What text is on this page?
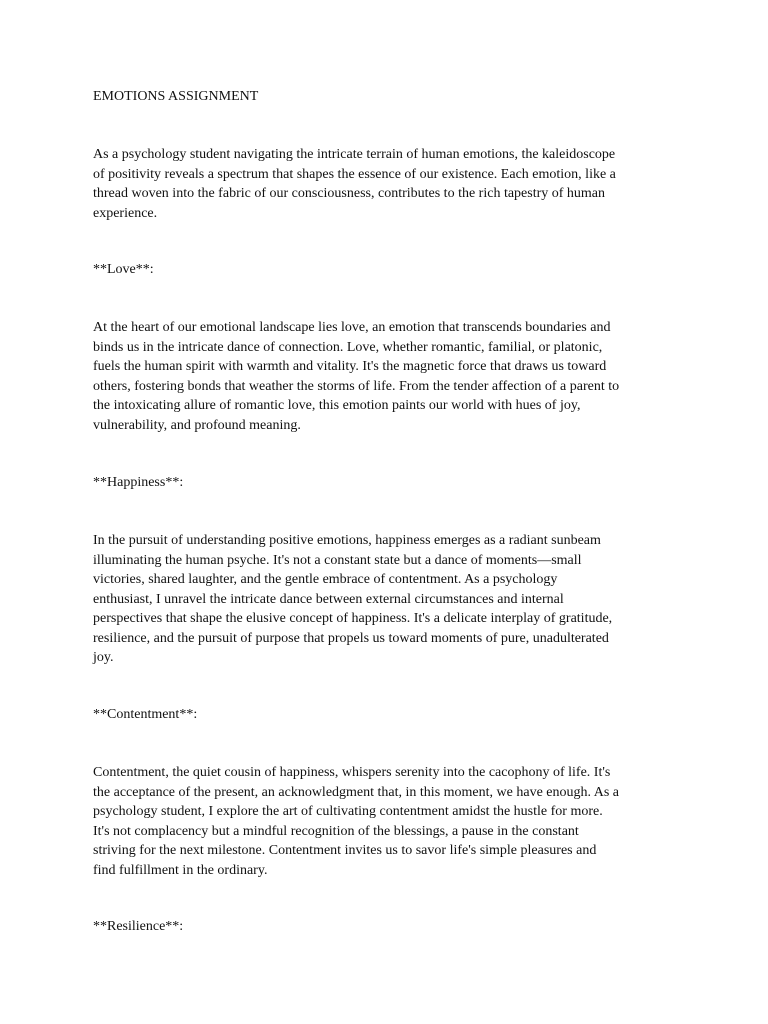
EMOTIONS ASSIGNMENT

As a psychology student navigating the intricate terrain of human emotions, the kaleidoscope
of positivity reveals a spectrum that shapes the essence of our existence. Each emotion, like a
thread woven into the fabric of our consciousness, contributes to the rich tapestry of human
experience.

**Love**:

At the heart of our emotional landscape lies love, an emotion that transcends boundaries and
binds us in the intricate dance of connection. Love, whether romantic, familial, or platonic,
fuels the human spirit with warmth and vitality. It's the magnetic force that draws us toward
others, fostering bonds that weather the storms of life. From the tender affection of a parent to
the intoxicating allure of romantic love, this emotion paints our world with hues of joy,
vulnerability, and profound meaning.

**Happiness**:

In the pursuit of understanding positive emotions, happiness emerges as a radiant sunbeam
illuminating the human psyche. It's not a constant state but a dance of moments—small
victories, shared laughter, and the gentle embrace of contentment. As a psychology
enthusiast, I unravel the intricate dance between external circumstances and internal
perspectives that shape the elusive concept of happiness. It's a delicate interplay of gratitude,
resilience, and the pursuit of purpose that propels us toward moments of pure, unadulterated
joy.

**Contentment**:

Contentment, the quiet cousin of happiness, whispers serenity into the cacophony of life. It's
the acceptance of the present, an acknowledgment that, in this moment, we have enough. As a
psychology student, I explore the art of cultivating contentment amidst the hustle for more.
It's not complacency but a mindful recognition of the blessings, a pause in the constant
striving for the next milestone. Contentment invites us to savor life's simple pleasures and
find fulfillment in the ordinary.

**Resilience**:
